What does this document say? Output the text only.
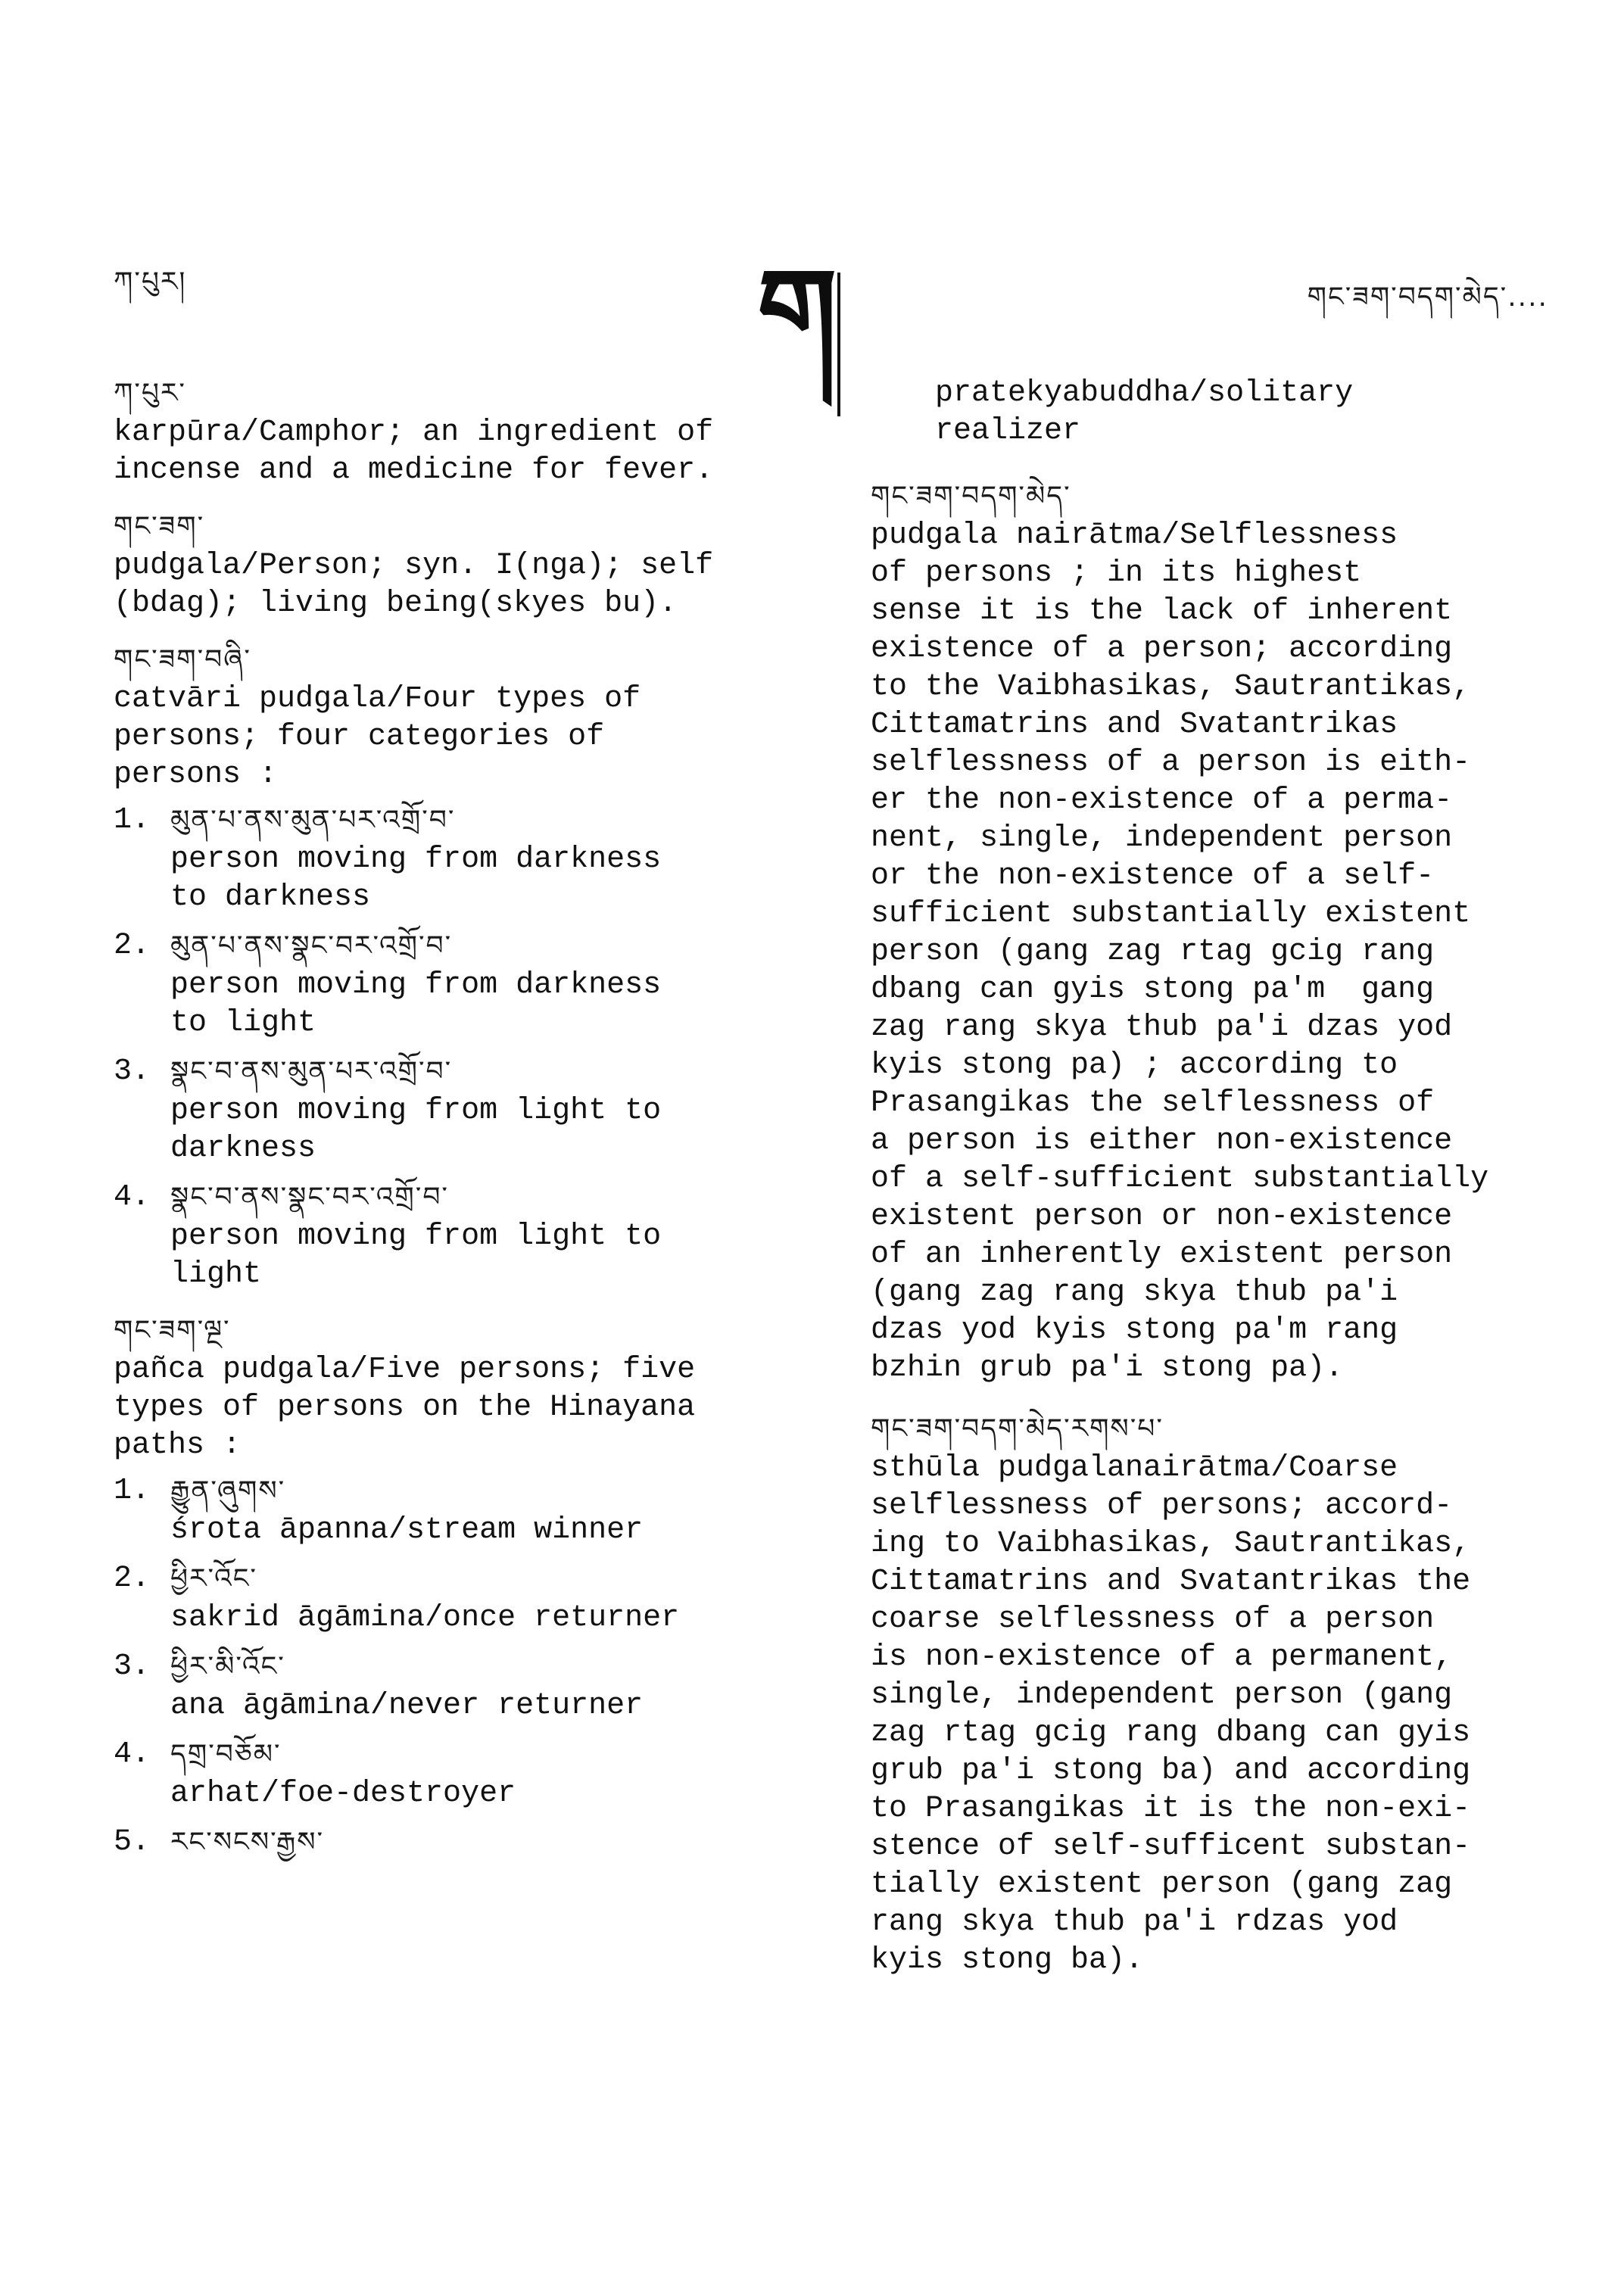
ཀ་པུར།	ག	གང་ཟག་བདག་མེད་....
ཀ་པུར་
karpūra/Camphor; an ingredient of
incense and a medicine for fever.
གང་ཟག་
pudgala/Person; syn. I(nga); self
(bdag); living being(skyes bu).
གང་ཟག་བཞི་
catvāri pudgala/Four types of
persons; four categories of
persons :
1. མུན་པ་ནས་མུན་པར་འགྲོ་བ་
person moving from darkness
to darkness
2. མུན་པ་ནས་སྣང་བར་འགྲོ་བ་
person moving from darkness
to light
3. སྣང་བ་ནས་མུན་པར་འགྲོ་བ་
person moving from light to
darkness
4. སྣང་བ་ནས་སྣང་བར་འགྲོ་བ་
person moving from light to
light
གང་ཟག་ལྔ་
pañca pudgala/Five persons; five
types of persons on the Hinayana
paths :
1. རྒྱུན་ཞུགས་
śrota āpanna/stream winner
2. ཕྱིར་འོང་
sakrid āgāmina/once returner
3. ཕྱིར་མི་འོང་
ana āgāmina/never returner
4. དགྲ་བཅོམ་
arhat/foe-destroyer
5. རང་སངས་རྒྱས་
pratekyabuddha/solitary
realizer
གང་ཟག་བདག་མེད་
pudgala nairātma/Selflessness
of persons ; in its highest
sense it is the lack of inherent
existence of a person; according
to the Vaibhasikas, Sautrantikas,
Cittamatrins and Svatantrikas
selflessness of a person is eith-
er the non-existence of a perma-
nent, single, independent person
or the non-existence of a self-
sufficient substantially existent
person (gang zag rtag gcig rang
dbang can gyis stong pa'm  gang
zag rang skya thub pa'i dzas yod
kyis stong pa) ; according to
Prasangikas the selflessness of
a person is either non-existence
of a self-sufficient substantially
existent person or non-existence
of an inherently existent person
(gang zag rang skya thub pa'i
dzas yod kyis stong pa'm rang
bzhin grub pa'i stong pa).
གང་ཟག་བདག་མེད་རགས་པ་
sthūla pudgalanairātma/Coarse
selflessness of persons; accord-
ing to Vaibhasikas, Sautrantikas,
Cittamatrins and Svatantrikas the
coarse selflessness of a person
is non-existence of a permanent,
single, independent person (gang
zag rtag gcig rang dbang can gyis
grub pa'i stong ba) and according
to Prasangikas it is the non-exi-
stence of self-sufficent substan-
tially existent person (gang zag
rang skya thub pa'i rdzas yod
kyis stong ba).
